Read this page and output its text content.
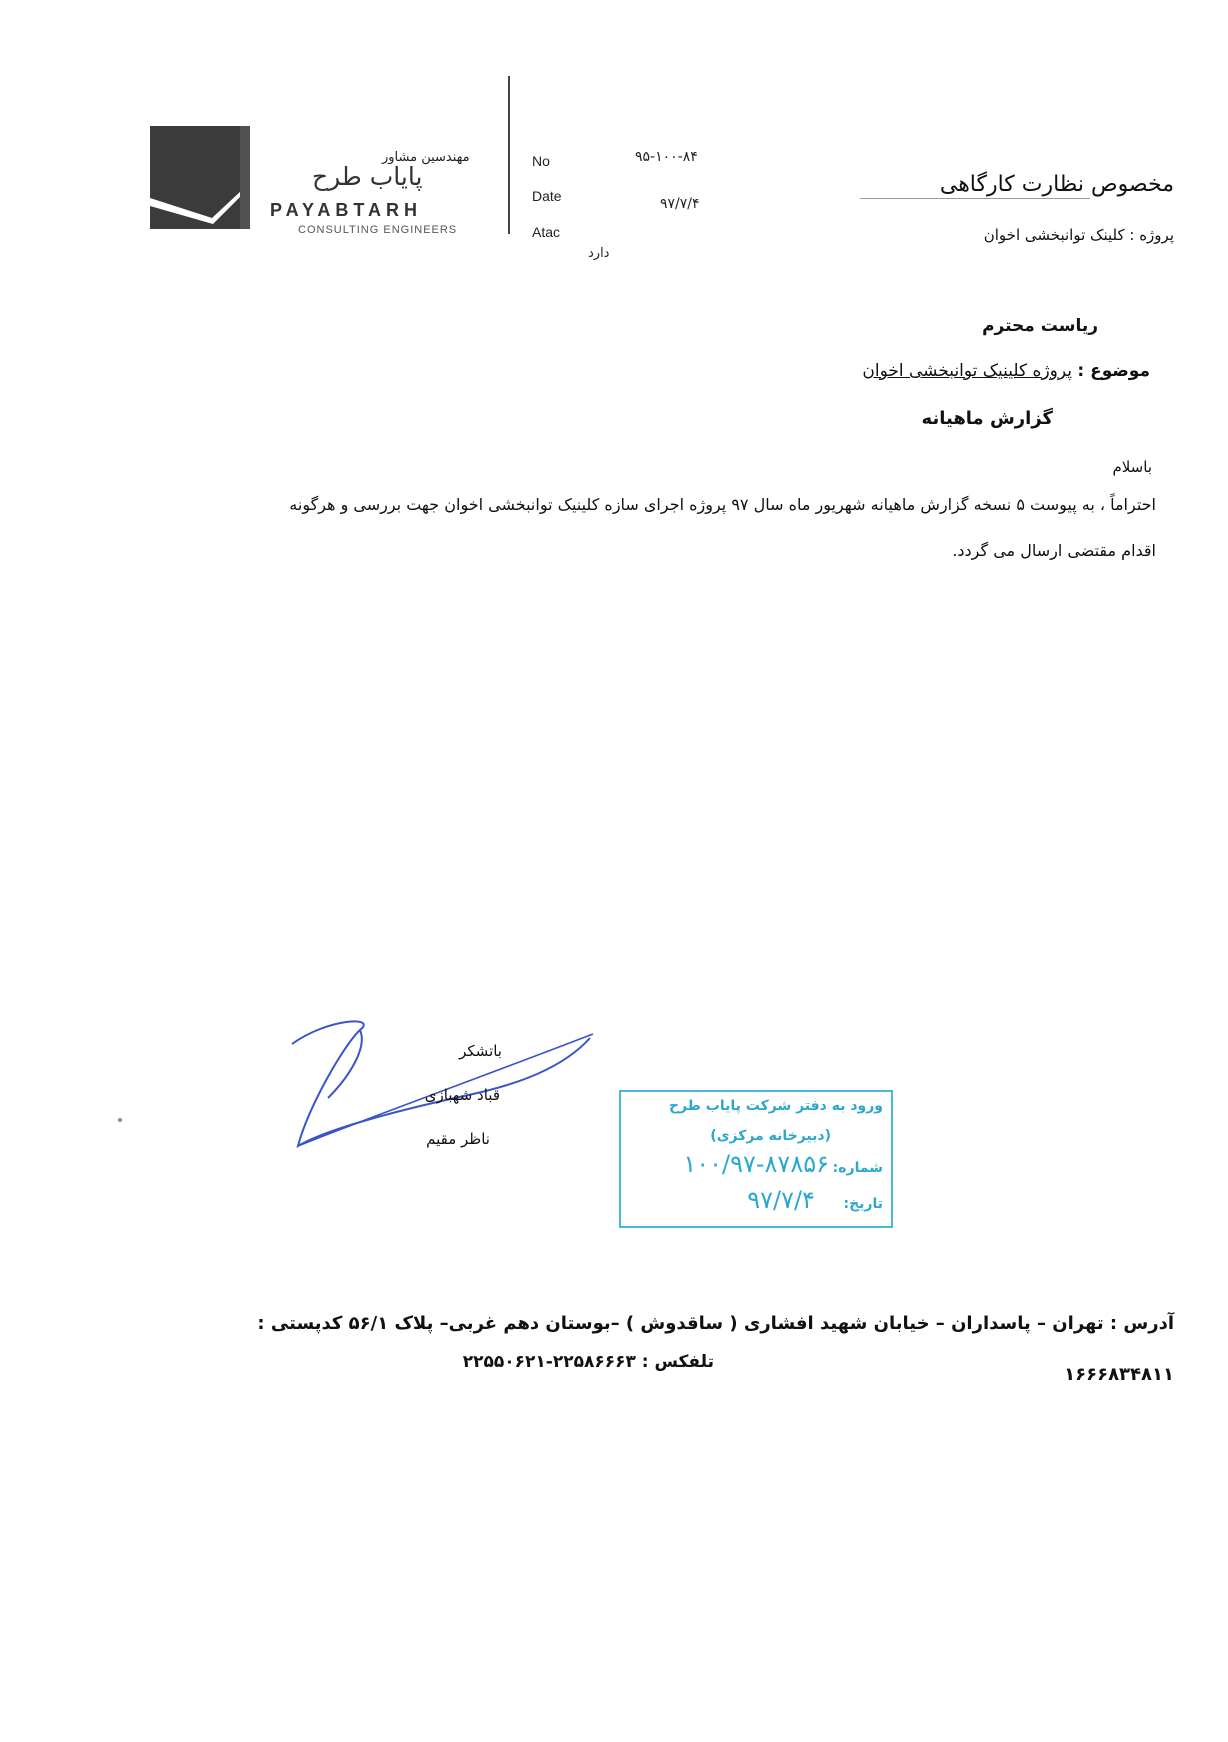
مهندسین مشاور
پایاب طرح
PAYABTARH
CONSULTING ENGINEERS
No	۹۵-۱۰۰-۸۴
Date	۹۷/۷/۴
Atac
دارد
مخصوص نظارت کارگاهی
پروژه : کلینک توانبخشی اخوان
ریاست محترم
موضوع : پروژه کلینیک توانبخشی اخوان
گزارش ماهیانه
باسلام

احتراماً ، به پیوست ۵ نسخه گزارش ماهیانه شهریور ماه سال ۹۷ پروژه اجرای سازه کلینیک توانبخشی اخوان جهت بررسی و هرگونه

اقدام مقتضی ارسال می گردد.

باتشکر
قباد شهبازی
ناظر مقیم
ورود به دفتر شرکت پایاب طرح
(دبیرخانه مرکزی)
شماره:
۱۰۰/۹۷-۸۷۸۵۶
تاریخ:
۹۷/۷/۴
آدرس : تهران – پاسداران – خیابان شهید افشاری ( ساقدوش ) –بوستان دهم غربی– پلاک ۵۶/۱ کدپستی :
تلفکس : ۲۲۵۸۶۶۶۳-۲۲۵۵۰۶۲۱
۱۶۶۶۸۳۴۸۱۱
